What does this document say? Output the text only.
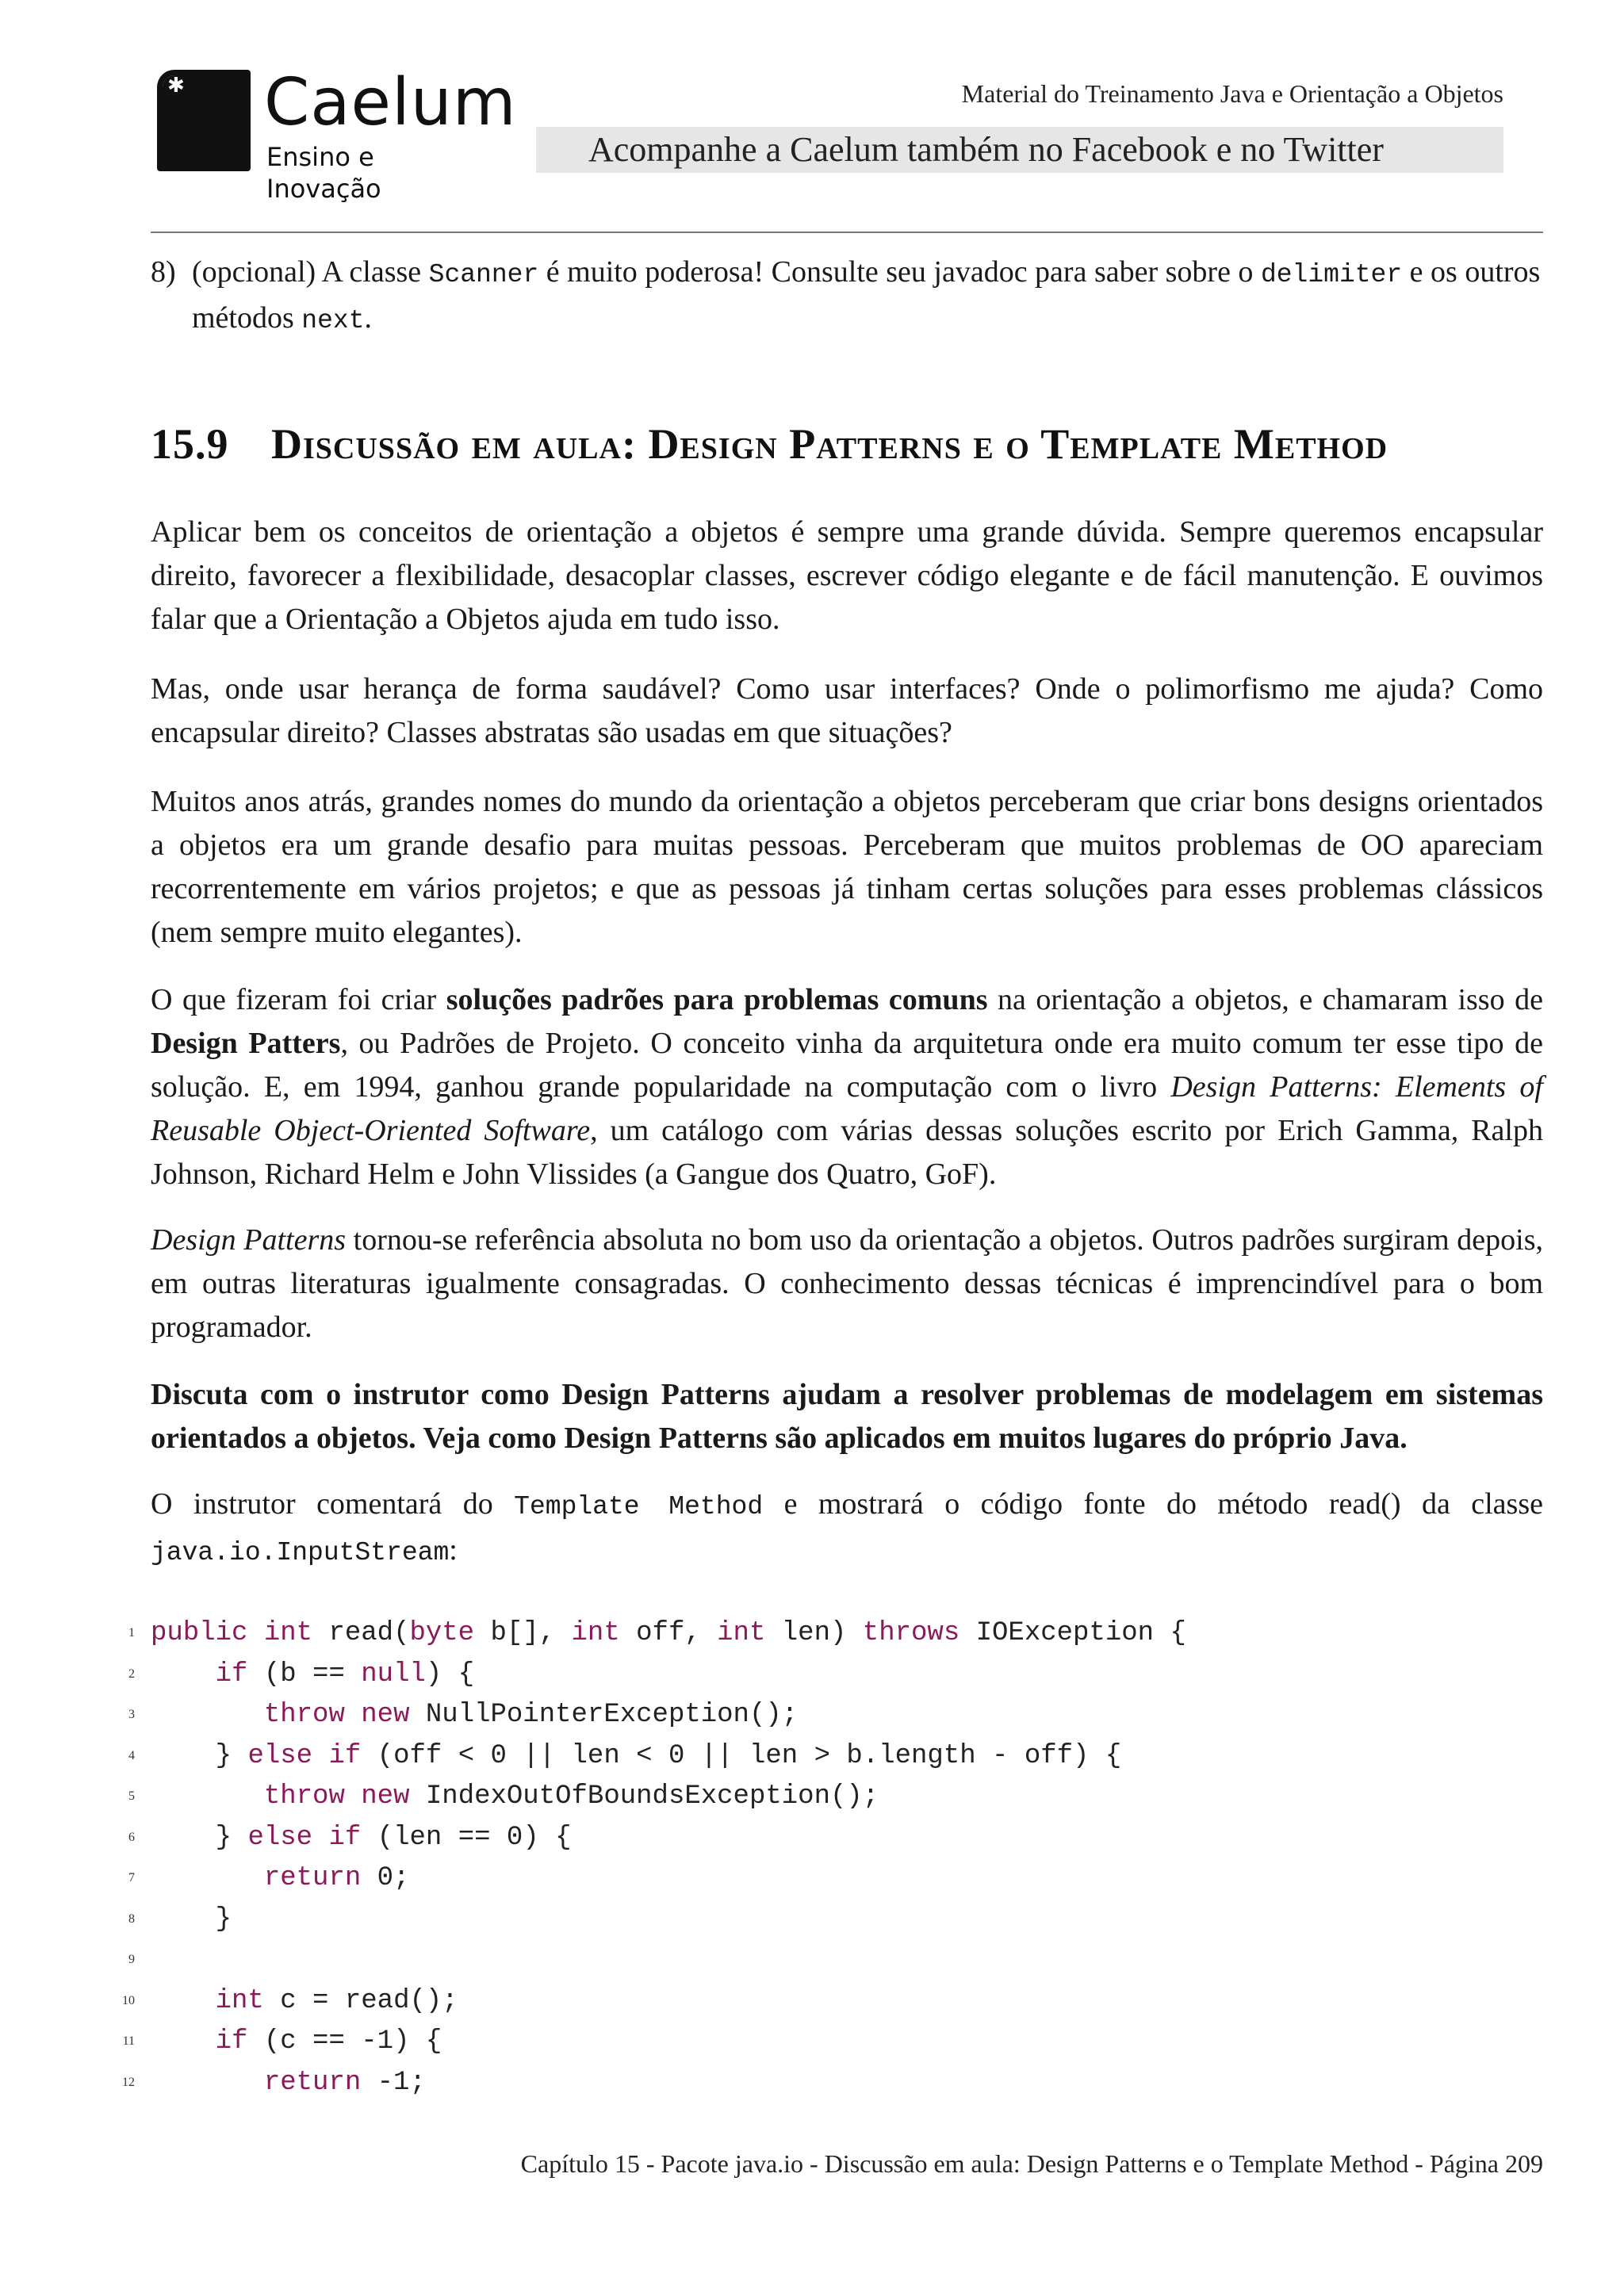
✱ Caelum
Ensino e Inovação
Material do Treinamento Java e Orientação a Objetos
Acompanhe a Caelum também no Facebook e no Twitter
8) (opcional) A classe Scanner é muito poderosa! Consulte seu javadoc para saber sobre o delimiter e os outros métodos next.
15.9 Discussão em aula: Design Patterns e o Template Method
Aplicar bem os conceitos de orientação a objetos é sempre uma grande dúvida. Sempre queremos encapsular direito, favorecer a flexibilidade, desacoplar classes, escrever código elegante e de fácil manutenção. E ouvimos falar que a Orientação a Objetos ajuda em tudo isso.
Mas, onde usar herança de forma saudável? Como usar interfaces? Onde o polimorfismo me ajuda? Como encapsular direito? Classes abstratas são usadas em que situações?
Muitos anos atrás, grandes nomes do mundo da orientação a objetos perceberam que criar bons designs orientados a objetos era um grande desafio para muitas pessoas. Perceberam que muitos problemas de OO apareciam recorrentemente em vários projetos; e que as pessoas já tinham certas soluções para esses problemas clássicos (nem sempre muito elegantes).
O que fizeram foi criar soluções padrões para problemas comuns na orientação a objetos, e chamaram isso de Design Patters, ou Padrões de Projeto. O conceito vinha da arquitetura onde era muito comum ter esse tipo de solução. E, em 1994, ganhou grande popularidade na computação com o livro Design Patterns: Elements of Reusable Object-Oriented Software, um catálogo com várias dessas soluções escrito por Erich Gamma, Ralph Johnson, Richard Helm e John Vlissides (a Gangue dos Quatro, GoF).
Design Patterns tornou-se referência absoluta no bom uso da orientação a objetos. Outros padrões surgiram depois, em outras literaturas igualmente consagradas. O conhecimento dessas técnicas é imprencindível para o bom programador.
Discuta com o instrutor como Design Patterns ajudam a resolver problemas de modelagem em sistemas orientados a objetos. Veja como Design Patterns são aplicados em muitos lugares do próprio Java.
O instrutor comentará do Template Method e mostrará o código fonte do método read() da classe java.io.InputStream:
1 public int read(byte b[], int off, int len) throws IOException {
2	if (b == null) {
3	throw new NullPointerException();
4	} else if (off < 0 || len < 0 || len > b.length - off) {
5	throw new IndexOutOfBoundsException();
6	} else if (len == 0) {
7	return 0;
8	}
9
10	int c = read();
11	if (c == -1) {
12	return -1;
Capítulo 15 - Pacote java.io - Discussão em aula: Design Patterns e o Template Method - Página 209
